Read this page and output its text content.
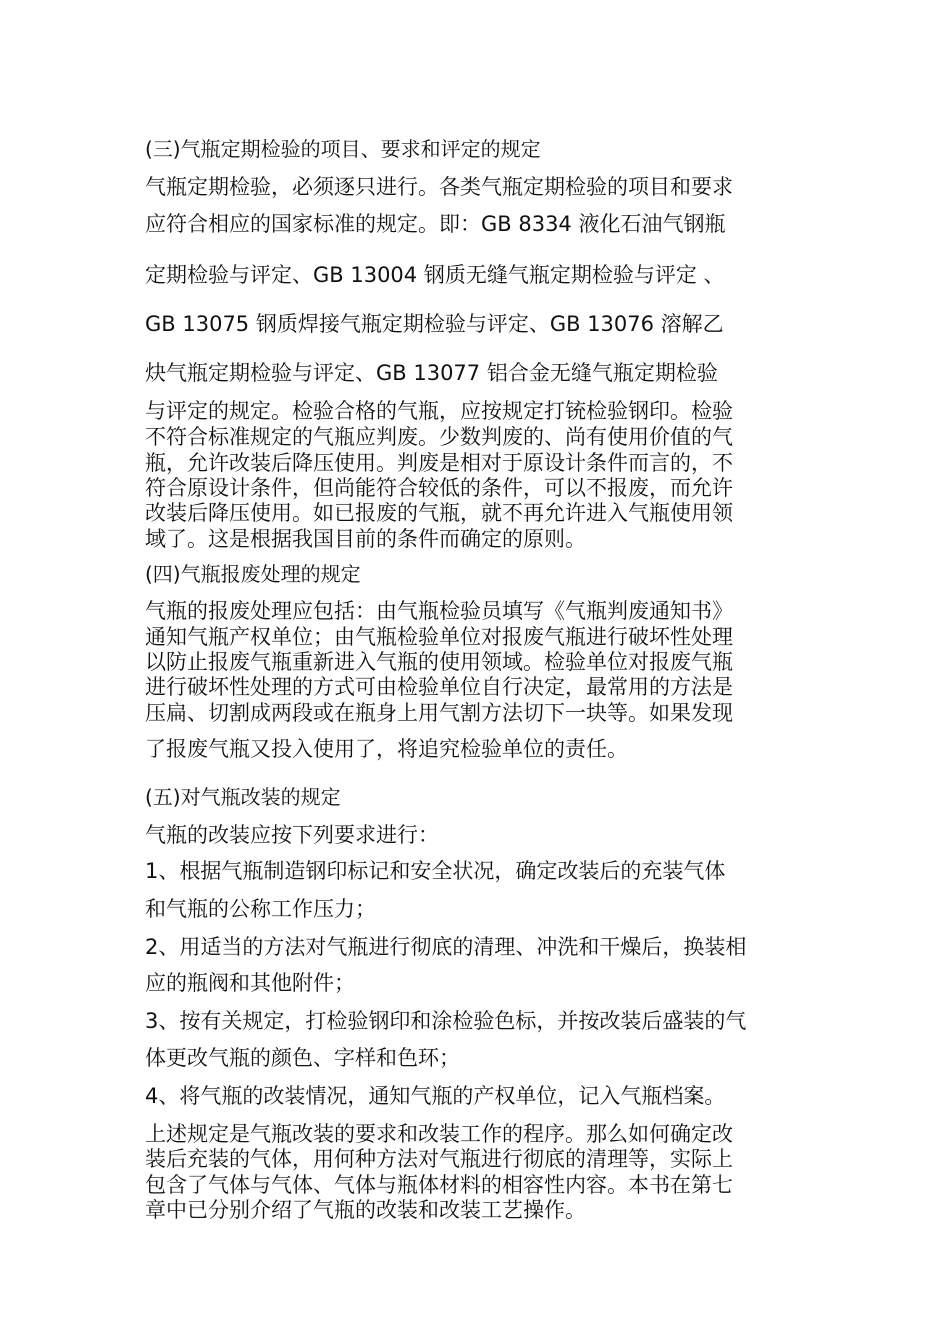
(三)气瓶定期检验的项目、要求和评定的规定
气瓶定期检验，必须逐只进行。各类气瓶定期检验的项目和要求
应符合相应的国家标准的规定。即：GB 8334 液化石油气钢瓶
定期检验与评定、GB 13004 钢质无缝气瓶定期检验与评定 、
GB 13075 钢质焊接气瓶定期检验与评定、GB 13076 溶解乙
炔气瓶定期检验与评定、GB 13077 铝合金无缝气瓶定期检验
与评定的规定。检验合格的气瓶，应按规定打铳检验钢印。检验
不符合标准规定的气瓶应判废。少数判废的、尚有使用价值的气
瓶，允许改装后降压使用。判废是相对于原设计条件而言的，不
符合原设计条件，但尚能符合较低的条件，可以不报废，而允许
改装后降压使用。如已报废的气瓶，就不再允许进入气瓶使用领
域了。这是根据我国目前的条件而确定的原则。
(四)气瓶报废处理的规定
气瓶的报废处理应包括：由气瓶检验员填写《气瓶判废通知书》
通知气瓶产权单位；由气瓶检验单位对报废气瓶进行破坏性处理
以防止报废气瓶重新进入气瓶的使用领域。检验单位对报废气瓶
进行破坏性处理的方式可由检验单位自行决定，最常用的方法是
压扁、切割成两段或在瓶身上用气割方法切下一块等。如果发现
了报废气瓶又投入使用了，将追究检验单位的责任。
(五)对气瓶改装的规定
气瓶的改装应按下列要求进行：
1、根据气瓶制造钢印标记和安全状况，确定改装后的充装气体
和气瓶的公称工作压力；
2、用适当的方法对气瓶进行彻底的清理、冲洗和干燥后，换装相
应的瓶阀和其他附件；
3、按有关规定，打检验钢印和涂检验色标，并按改装后盛装的气
体更改气瓶的颜色、字样和色环；
4、将气瓶的改装情况，通知气瓶的产权单位，记入气瓶档案。
上述规定是气瓶改装的要求和改装工作的程序。那么如何确定改
装后充装的气体，用何种方法对气瓶进行彻底的清理等，实际上
包含了气体与气体、气体与瓶体材料的相容性内容。本书在第七
章中已分别介绍了气瓶的改装和改装工艺操作。
